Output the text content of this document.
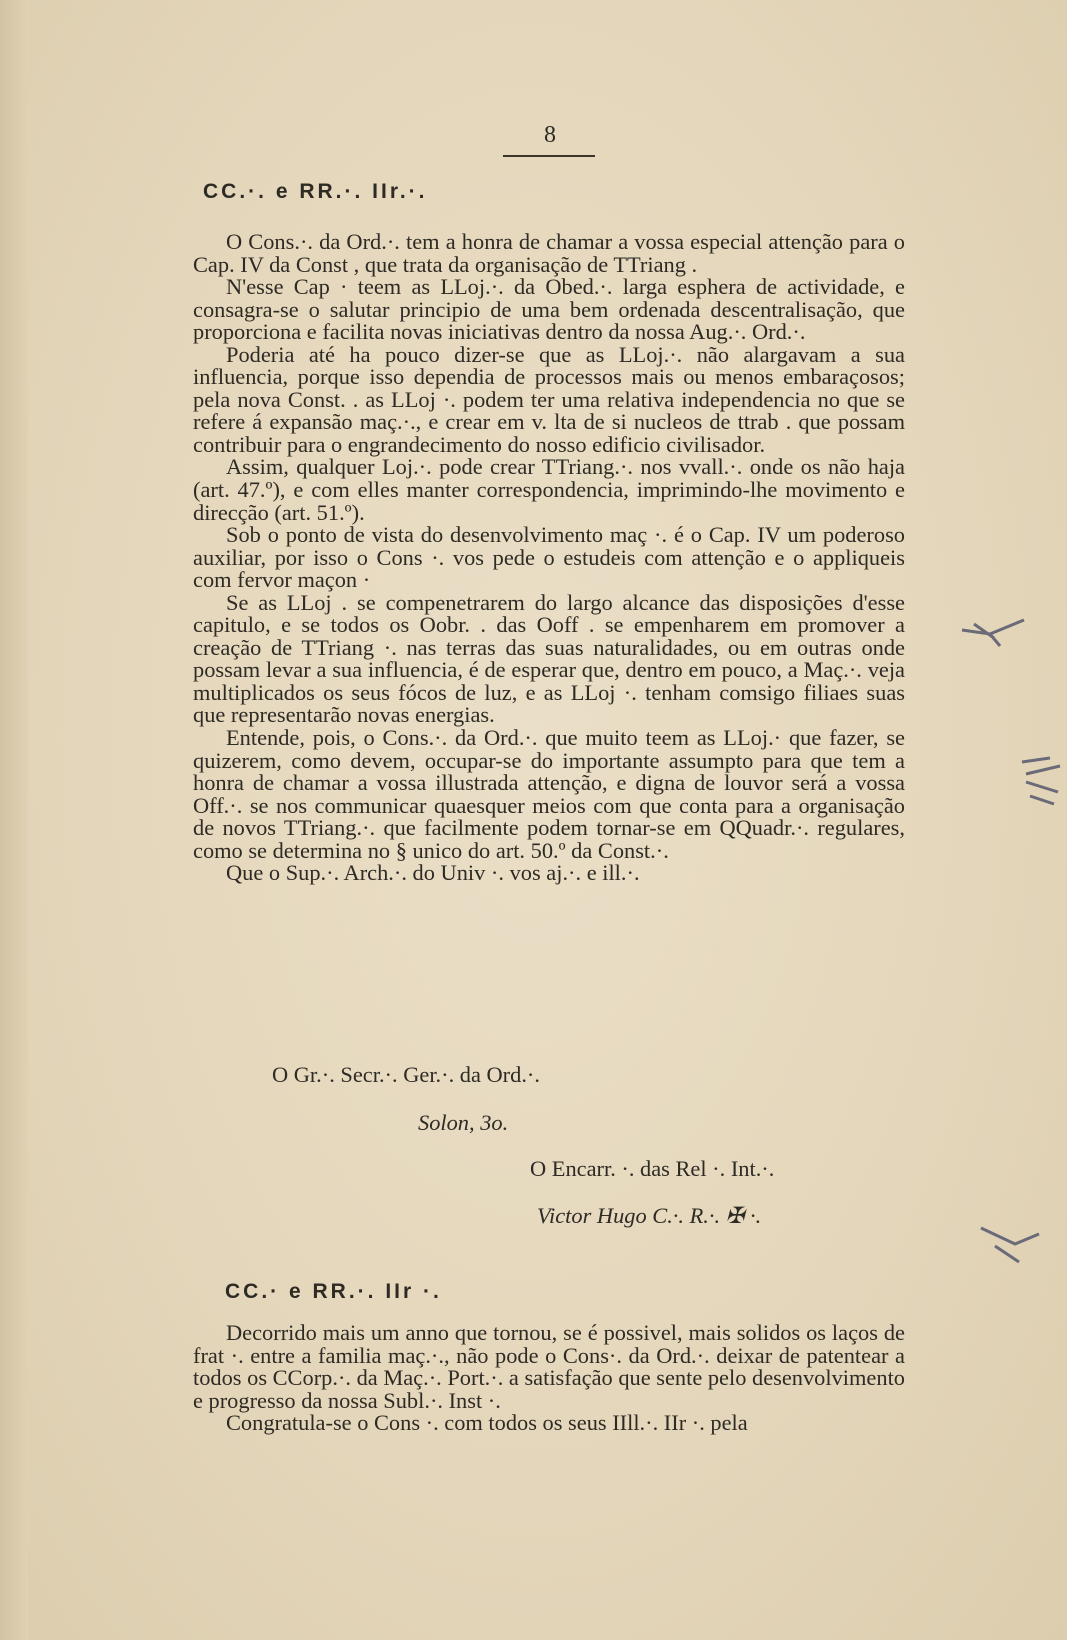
8
CC.·. e RR.·. IIr.·.

O Cons.·. da Ord.·. tem a honra de chamar a vossa especial attenção para o Cap. IV da Const , que trata da organisação de TTriang .

N'esse Cap · teem as LLoj.·. da Obed.·. larga esphera de actividade, e consagra-se o salutar principio de uma bem ordenada descentralisação, que proporciona e facilita novas iniciativas dentro da nossa Aug.·. Ord.·.

Poderia até ha pouco dizer-se que as LLoj.·. não alargavam a sua influencia, porque isso dependia de processos mais ou menos embaraçosos; pela nova Const. . as LLoj ·. podem ter uma relativa independencia no que se refere á expansão maç.·., e crear em v. lta de si nucleos de ttrab . que possam contribuir para o engrandecimento do nosso edificio civilisador.

Assim, qualquer Loj.·. pode crear TTriang.·. nos vvall.·. onde os não haja (art. 47.º), e com elles manter correspondencia, imprimindo-lhe movimento e direcção (art. 51.º).

Sob o ponto de vista do desenvolvimento maç ·. é o Cap. IV um poderoso auxiliar, por isso o Cons ·. vos pede o estudeis com attenção e o appliqueis com fervor maçon ·

Se as LLoj . se compenetrarem do largo alcance das disposições d'esse capitulo, e se todos os Oobr. . das Ooff . se empenharem em promover a creação de TTriang ·. nas terras das suas naturalidades, ou em outras onde possam levar a sua influencia, é de esperar que, dentro em pouco, a Maç.·. veja multiplicados os seus fócos de luz, e as LLoj ·. tenham comsigo filiaes suas que representarão novas energias.

Entende, pois, o Cons.·. da Ord.·. que muito teem as LLoj.· que fazer, se quizerem, como devem, occupar-se do importante assumpto para que tem a honra de chamar a vossa illustrada attenção, e digna de louvor será a vossa Off.·. se nos communicar quaesquer meios com que conta para a organisação de novos TTriang.·. que facilmente podem tornar-se em QQuadr.·. regulares, como se determina no § unico do art. 50.º da Const.·.

Que o Sup.·. Arch.·. do Univ ·. vos aj.·. e ill.·.

O Gr.·. Secr.·. Ger.·. da Ord.·.
Solon, 3o.
O Encarr. ·. das Rel ·. Int.·.
Victor Hugo C.·. R.·. ✠ ·.
CC.· e RR.·. IIr ·.

Decorrido mais um anno que tornou, se é possivel, mais solidos os laços de frat ·. entre a familia maç.·., não pode o Cons·. da Ord.·. deixar de patentear a todos os CCorp.·. da Maç.·. Port.·. a satisfação que sente pelo desenvolvimento e progresso da nossa Subl.·. Inst ·.

Congratula-se o Cons ·. com todos os seus IIll.·. IIr ·. pela
